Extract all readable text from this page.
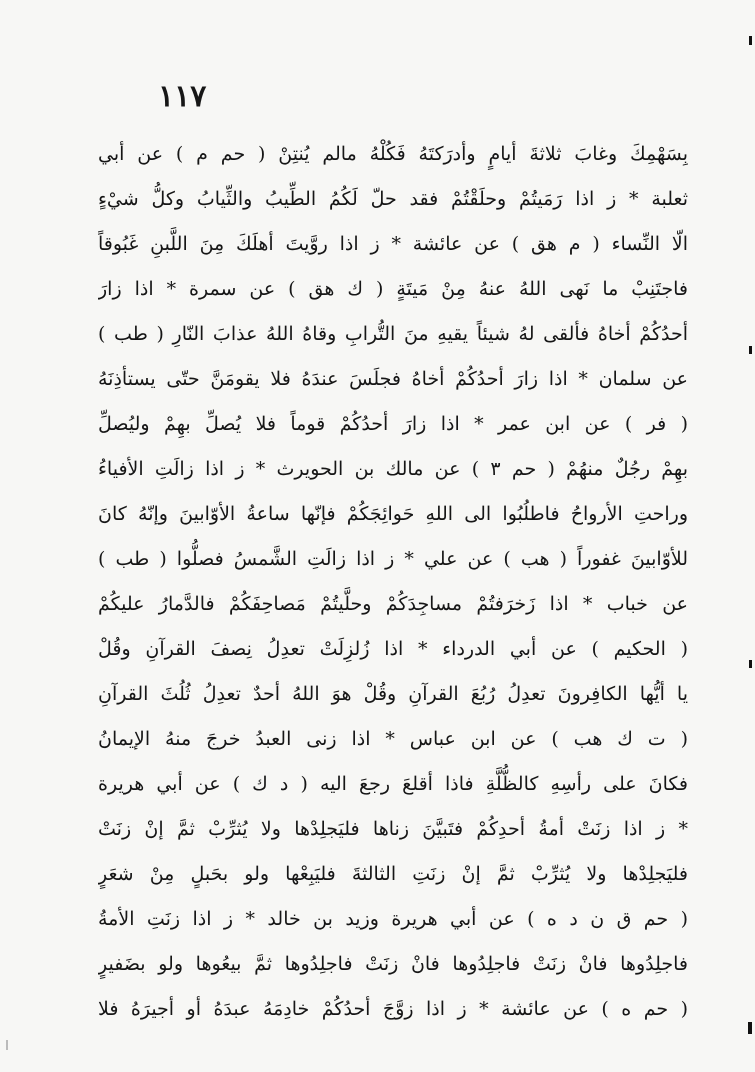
١١٧
بِسَهْمِكَ وغابَ ثلاثةَ أيامٍ وأدرَكتَهُ فَكُلْهُ مالم يُنتِنْ ( حم م ) عن أبي
ثعلبة * ز اذا رَمَيتُمْ وحلَقْتُمْ فقد حلّ لَكُمُ الطِّيبُ والثِّيابُ وكلُّ شيْءٍ
الّا النِّساء ( م هق ) عن عائشة * ز اذا روَّيتَ أهلَكَ مِنَ اللَّبنِ غَبُوقاً
فاجتَنِبْ ما نَهى اللهُ عنهُ مِنْ مَيتَةٍ ( ك هق ) عن سمرة * اذا زارَ
أحدُكُمْ أخاهُ فألقى لهُ شيئاً يقيهِ منَ التُّرابِ وقاهُ اللهُ عذابَ النّارِ ( طب )
عن سلمان * اذا زارَ أحدُكُمْ أخاهُ فجلَسَ عندَهُ فلا يقومَنَّ حتّى يستأذِنَهُ
( فر ) عن ابن عمر * اذا زارَ أحدُكُمْ قوماً فلا يُصلِّ بهِمْ وليُصلِّ
بهِمْ رجُلٌ منهُمْ ( حم ٣ ) عن مالك بن الحويرث * ز اذا زالَتِ الأفياءُ
وراحتِ الأرواحُ فاطلُبُوا الى اللهِ حَوائِجَكُمْ فإنّها ساعةُ الأوّابينَ وإنّهُ كانَ
للأوّابينَ غفوراً ( هب ) عن علي * ز اذا زالَتِ الشَّمسُ فصلُّوا ( طب )
عن خباب * اذا زَخرَفتُمْ مساجِدَكُمْ وحلَّيتُمْ مَصاحِفَكُمْ فالدَّمارُ عليكُمْ
( الحكيم ) عن أبي الدرداء * اذا زُلزِلَتْ تعدِلُ نِصفَ القرآنِ وقُلْ
يا أيُّها الكافِرونَ تعدِلُ رُبُعَ القرآنِ وقُلْ هوَ اللهُ أحدٌ تعدِلُ ثُلُثَ القرآنِ
( ت ك هب ) عن ابن عباس * اذا زنى العبدُ خرجَ منهُ الإيمانُ
فكانَ على رأسِهِ كالظُّلَّةِ فاذا أقلعَ رجعَ اليه ( د ك ) عن أبي هريرة
* ز اذا زنَتْ أمةُ أحدِكُمْ فتَبيَّنَ زناها فليَجلِدْها ولا يُثرِّبْ ثمَّ إنْ زنَتْ
فليَجلِدْها ولا يُثرِّبْ ثمَّ إنْ زنَتِ الثالثةَ فليَبِعْها ولو بحَبلٍ مِنْ شعَرٍ
( حم ق ن د ه ) عن أبي هريرة وزيد بن خالد * ز اذا زنَتِ الأمةُ
فاجلِدُوها فانْ زنَتْ فاجلِدُوها فانْ زنَتْ فاجلِدُوها ثمَّ بيعُوها ولو بضَفيرٍ
( حم ه ) عن عائشة * ز اذا زوَّجَ أحدُكُمْ خادِمَهُ عبدَهُ أو أجيرَهُ فلا
